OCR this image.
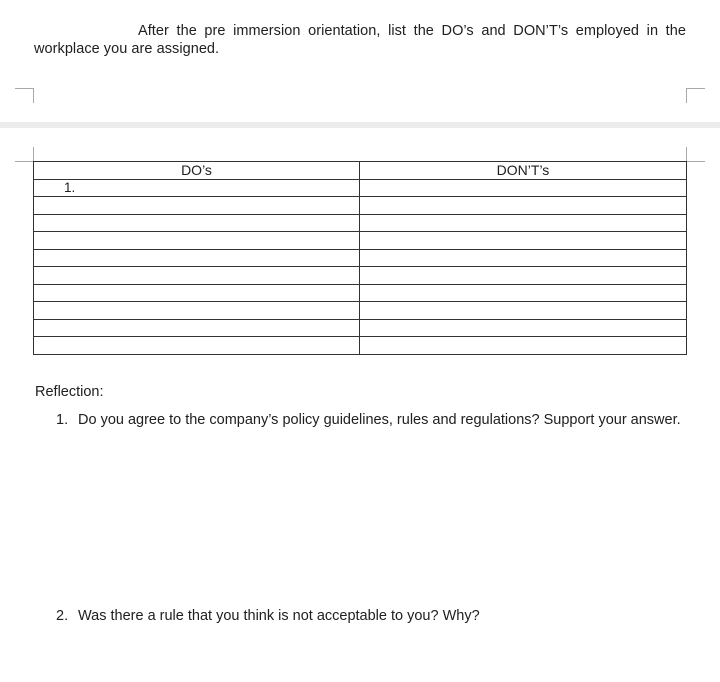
After the pre immersion orientation, list the DO’s and DON’T’s employed in the workplace you are assigned.

DO’s	DON’T’s
1.	

Reflection:
1. Do you agree to the company’s policy guidelines, rules and regulations? Support your answer.
2. Was there a rule that you think is not acceptable to you? Why?
